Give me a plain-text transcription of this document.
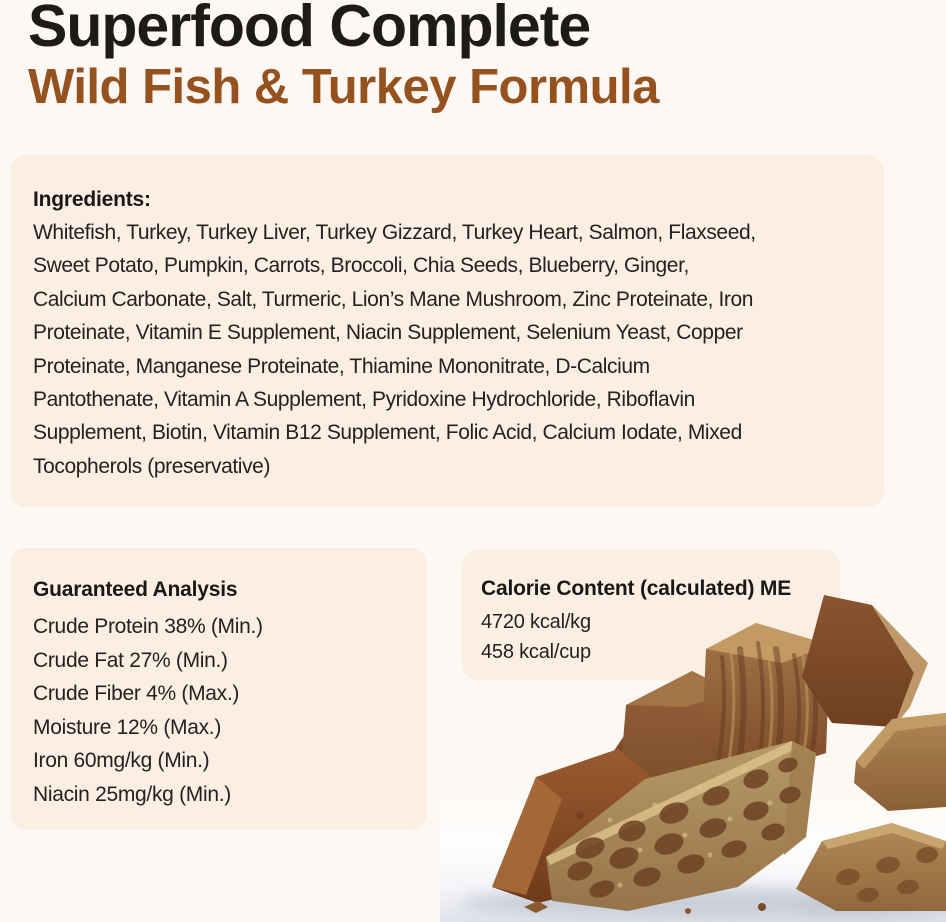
Superfood Complete
Wild Fish & Turkey Formula
Ingredients:
Whitefish, Turkey, Turkey Liver, Turkey Gizzard, Turkey Heart, Salmon, Flaxseed,
Sweet Potato, Pumpkin, Carrots, Broccoli, Chia Seeds, Blueberry, Ginger,
Calcium Carbonate, Salt, Turmeric, Lion’s Mane Mushroom, Zinc Proteinate, Iron
Proteinate, Vitamin E Supplement, Niacin Supplement, Selenium Yeast, Copper
Proteinate, Manganese Proteinate, Thiamine Mononitrate, D-Calcium
Pantothenate, Vitamin A Supplement, Pyridoxine Hydrochloride, Riboflavin
Supplement, Biotin, Vitamin B12 Supplement, Folic Acid, Calcium Iodate, Mixed
Tocopherols (preservative)
Guaranteed Analysis
Crude Protein 38% (Min.)
Crude Fat 27% (Min.)
Crude Fiber 4% (Max.)
Moisture 12% (Max.)
Iron 60mg/kg (Min.)
Niacin 25mg/kg (Min.)
Calorie Content (calculated) ME
4720 kcal/kg
458 kcal/cup
